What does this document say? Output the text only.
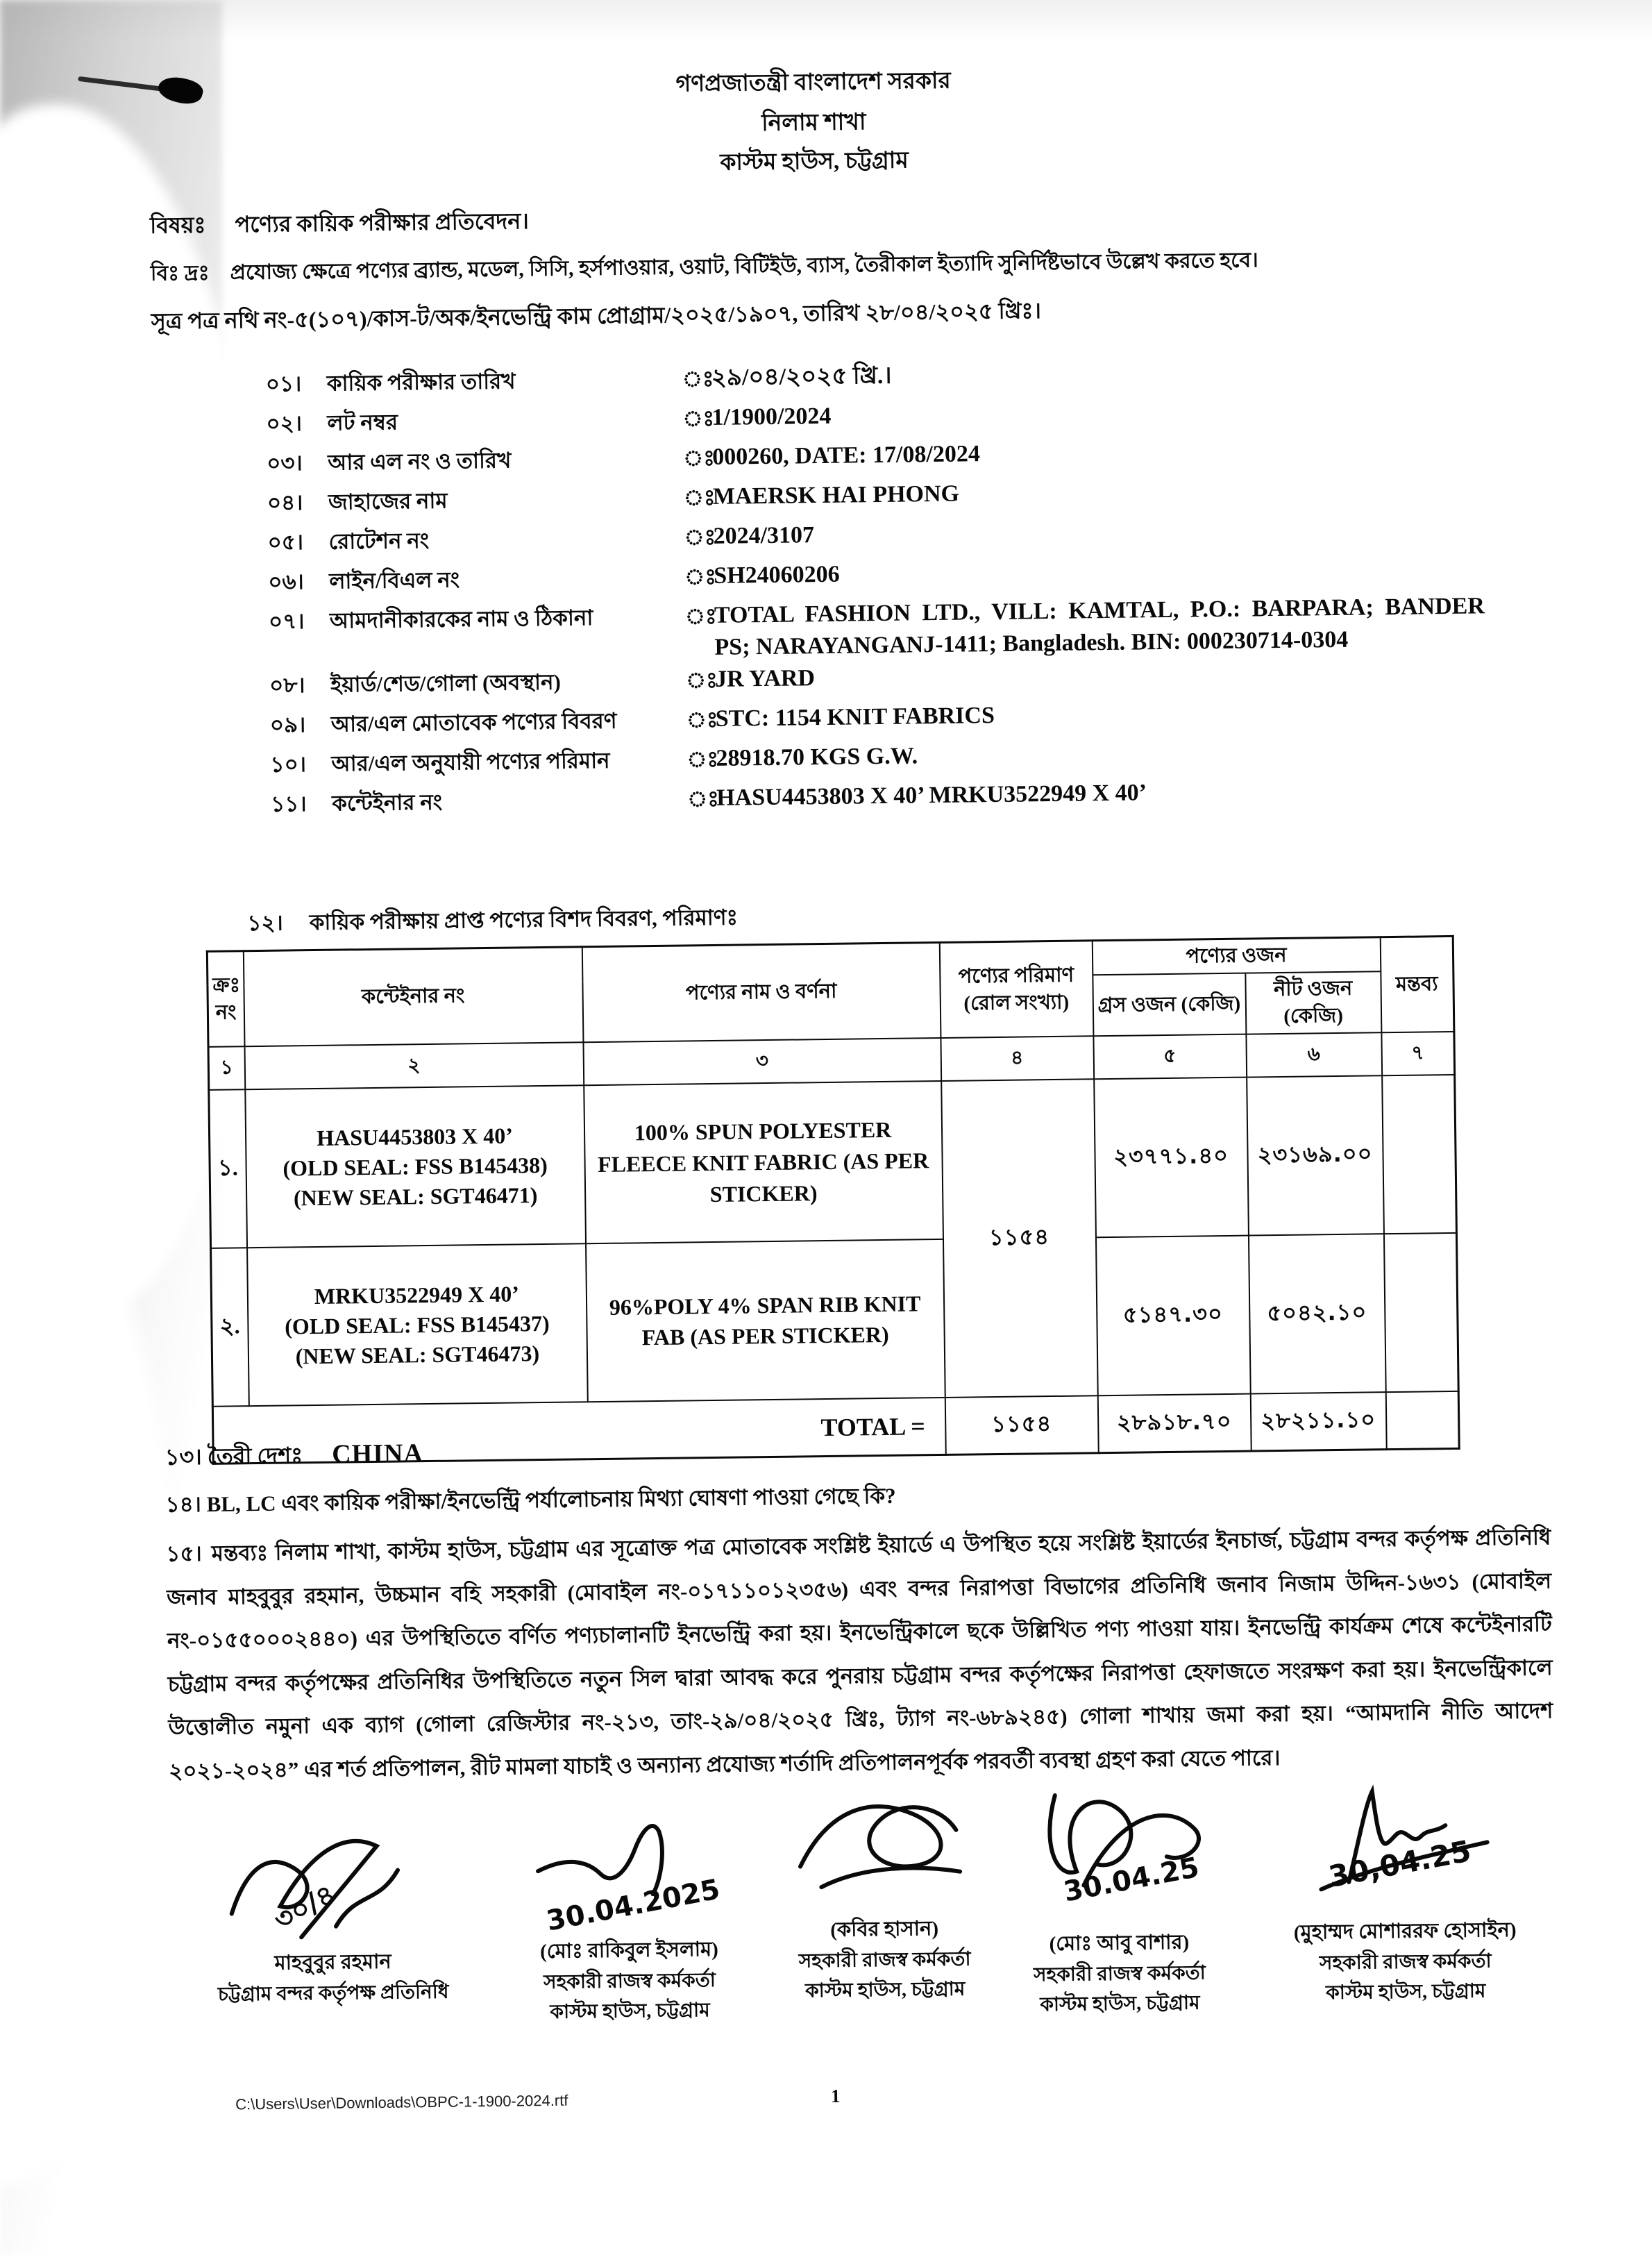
গণপ্রজাতন্ত্রী বাংলাদেশ সরকার
নিলাম শাখা
কাস্টম হাউস, চট্টগ্রাম
বিষয়ঃ পণ্যের কায়িক পরীক্ষার প্রতিবেদন।
বিঃ দ্রঃ প্রযোজ্য ক্ষেত্রে পণ্যের ব্র্যান্ড, মডেল, সিসি, হর্সপাওয়ার, ওয়াট, বিটিইউ, ব্যাস, তৈরীকাল ইত্যাদি সুনির্দিষ্টভাবে উল্লেখ করতে হবে।
সূত্র পত্র নথি নং-৫(১০৭)/কাস-ট/অক/ইনভেন্ট্রি কাম প্রোগ্রাম/২০২৫/১৯০৭, তারিখ ২৮/০৪/২০২৫ খ্রিঃ।
০১।	কায়িক পরীক্ষার তারিখ	ঃ
২৯/০৪/২০২৫ খ্রি.।
০২।	লট নম্বর	ঃ
1/1900/2024
০৩।	আর এল নং ও তারিখ	ঃ
000260, DATE: 17/08/2024
০৪।	জাহাজের নাম	ঃ
MAERSK HAI PHONG
০৫।	রোটেশন নং	ঃ
2024/3107
০৬।	লাইন/বিএল নং	ঃ
SH24060206
০৭।	আমদানীকারকের নাম ও ঠিকানা	ঃ
TOTAL FASHION LTD., VILL: KAMTAL, P.O.: BARPARA; BANDER PS; NARAYANGANJ-1411; Bangladesh. BIN: 000230714-0304
০৮।	ইয়ার্ড/শেড/গোলা (অবস্থান)	ঃ
JR YARD
০৯।	আর/এল মোতাবেক পণ্যের বিবরণ	ঃ
STC: 1154 KNIT FABRICS
১০।	আর/এল অনুযায়ী পণ্যের পরিমান	ঃ
28918.70 KGS G.W.
১১।	কন্টেইনার নং	ঃ
HASU4453803 X 40’ MRKU3522949 X 40’
১২। কায়িক পরীক্ষায় প্রাপ্ত পণ্যের বিশদ বিবরণ, পরিমাণঃ
ক্রঃ নং	কন্টেইনার নং	পণ্যের নাম ও বর্ণনা	পণ্যের পরিমাণ (রোল সংখ্যা)	পণ্যের ওজন		মন্তব্য
				গ্রস ওজন (কেজি)	নীট ওজন (কেজি)	
১	২	৩	৪	৫	৬	৭
১.	HASU4453803 X 40’
(OLD SEAL: FSS B145438)
(NEW SEAL: SGT46471)	100% SPUN POLYESTER FLEECE KNIT FABRIC (AS PER STICKER)	১১৫৪	২৩৭৭১.৪০	২৩১৬৯.০০	
২.	MRKU3522949 X 40’
(OLD SEAL: FSS B145437)
(NEW SEAL: SGT46473)	96%POLY 4% SPAN RIB KNIT FAB (AS PER STICKER)		৫১৪৭.৩০	৫০৪২.১০	
TOTAL =			১১৫৪	২৮৯১৮.৭০	২৮২১১.১০	
১৩। তৈরী দেশঃ CHINA
১৪। BL, LC এবং কায়িক পরীক্ষা/ইনভেন্ট্রি পর্যালোচনায় মিথ্যা ঘোষণা পাওয়া গেছে কি?
১৫। মন্তব্যঃ নিলাম শাখা, কাস্টম হাউস, চট্টগ্রাম এর সূত্রোক্ত পত্র মোতাবেক সংশ্লিষ্ট ইয়ার্ডে এ উপস্থিত হয়ে সংশ্লিষ্ট ইয়ার্ডের ইনচার্জ, চট্টগ্রাম বন্দর কর্তৃপক্ষ প্রতিনিধি জনাব মাহবুবুর রহমান, উচ্চমান বহি সহকারী (মোবাইল নং-০১৭১১০১২৩৫৬) এবং বন্দর নিরাপত্তা বিভাগের প্রতিনিধি জনাব নিজাম উদ্দিন-১৬৩১ (মোবাইল নং-০১৫৫০০০২৪৪০) এর উপস্থিতিতে বর্ণিত পণ্যচালানটি ইনভেন্ট্রি করা হয়। ইনভেন্ট্রিকালে ছকে উল্লিখিত পণ্য পাওয়া যায়। ইনভেন্ট্রি কার্যক্রম শেষে কন্টেইনারটি চট্টগ্রাম বন্দর কর্তৃপক্ষের প্রতিনিধির উপস্থিতিতে নতুন সিল দ্বারা আবদ্ধ করে পুনরায় চট্টগ্রাম বন্দর কর্তৃপক্ষের নিরাপত্তা হেফাজতে সংরক্ষণ করা হয়। ইনভেন্ট্রিকালে উত্তোলীত নমুনা এক ব্যাগ (গোলা রেজিস্টার নং-২১৩, তাং-২৯/০৪/২০২৫ খ্রিঃ, ট্যাগ নং-৬৮৯২৪৫) গোলা শাখায় জমা করা হয়। “আমদানি নীতি আদেশ ২০২১-২০২৪” এর শর্ত প্রতিপালন, রীট মামলা যাচাই ও অন্যান্য প্রযোজ্য শর্তাদি প্রতিপালনপূর্বক পরবর্তী ব্যবস্থা গ্রহণ করা যেতে পারে।
৩০/৪
মাহবুবুর রহমান
চট্টগ্রাম বন্দর কর্তৃপক্ষ প্রতিনিধি
30.04.2025
(মোঃ রাকিবুল ইসলাম)
সহকারী রাজস্ব কর্মকর্তা
কাস্টম হাউস, চট্টগ্রাম
(কবির হাসান)
সহকারী রাজস্ব কর্মকর্তা
কাস্টম হাউস, চট্টগ্রাম
30.04.25
(মোঃ আবু বাশার)
সহকারী রাজস্ব কর্মকর্তা
কাস্টম হাউস, চট্টগ্রাম
30,04.25
(মুহাম্মদ মোশাররফ হোসাইন)
সহকারী রাজস্ব কর্মকর্তা
কাস্টম হাউস, চট্টগ্রাম
C:\Users\User\Downloads\OBPC-1-1900-2024.rtf	1
